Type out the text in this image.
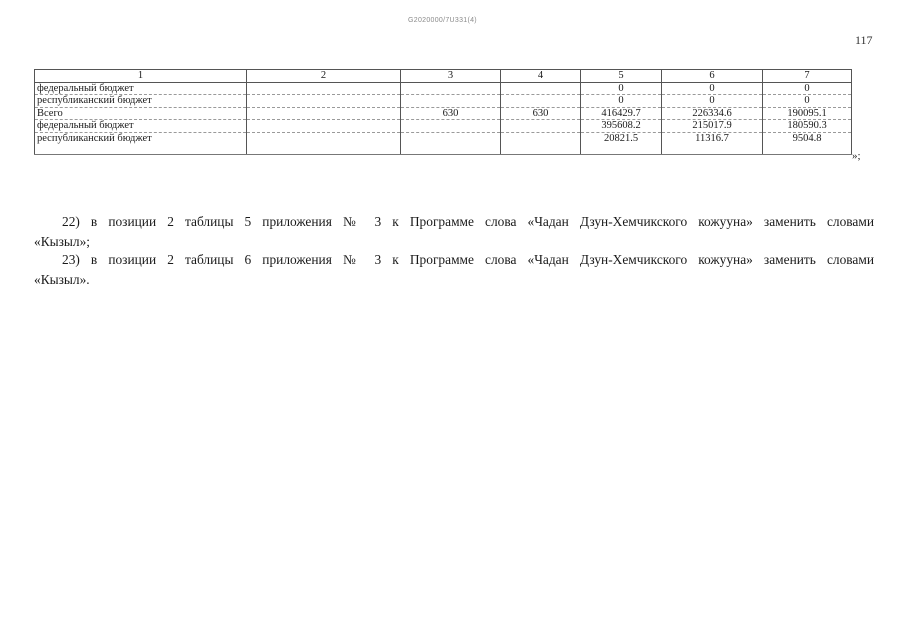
G2020000/7U331(4)
117
1	2	3	4	5	6	7
федеральный бюджет				0	0	0
республиканский бюджет				0	0	0
Всего		630	630	416429.7	226334.6	190095.1
федеральный бюджет				395608.2	215017.9	180590.3
республиканский бюджет				20821.5	11316.7	9504.8
»;

22) в позиции 2 таблицы 5 приложения № 3 к Программе слова «Чадан Дзун-Хемчикского кожууна» заменить словами
«Кызыл»;

23) в позиции 2 таблицы 6 приложения № 3 к Программе слова «Чадан Дзун-Хемчикского кожууна» заменить словами
«Кызыл».
